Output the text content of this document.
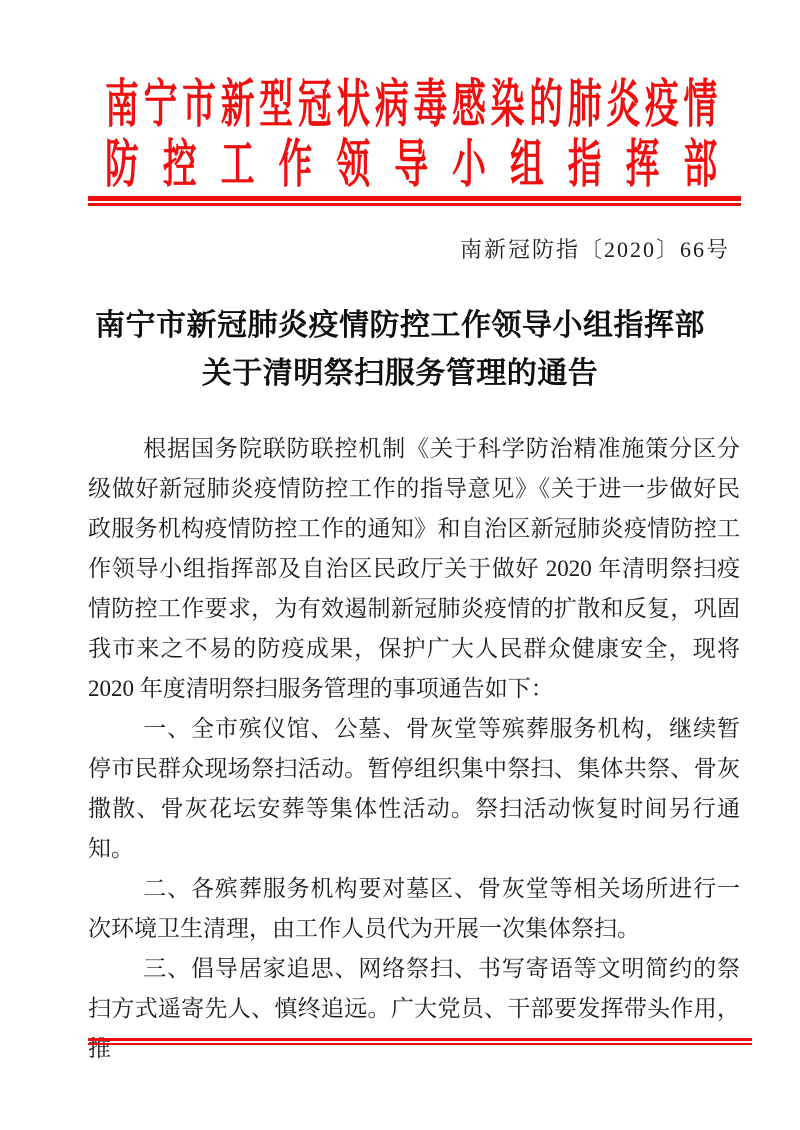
南宁市新型冠状病毒感染的肺炎疫情
防控工作领导小组指挥部
南新冠防指〔2020〕66号
南宁市新冠肺炎疫情防控工作领导小组指挥部
关于清明祭扫服务管理的通告

根据国务院联防联控机制《关于科学防治精准施策分区分级做好新冠肺炎疫情防控工作的指导意见》《关于进一步做好民政服务机构疫情防控工作的通知》和自治区新冠肺炎疫情防控工作领导小组指挥部及自治区民政厅关于做好 2020 年清明祭扫疫情防控工作要求，为有效遏制新冠肺炎疫情的扩散和反复，巩固我市来之不易的防疫成果，保护广大人民群众健康安全，现将 2020 年度清明祭扫服务管理的事项通告如下：

一、全市殡仪馆、公墓、骨灰堂等殡葬服务机构，继续暂停市民群众现场祭扫活动。暂停组织集中祭扫、集体共祭、骨灰撒散、骨灰花坛安葬等集体性活动。祭扫活动恢复时间另行通知。

二、各殡葬服务机构要对墓区、骨灰堂等相关场所进行一次环境卫生清理，由工作人员代为开展一次集体祭扫。

三、倡导居家追思、网络祭扫、书写寄语等文明简约的祭扫方式遥寄先人、慎终追远。广大党员、干部要发挥带头作用，推
